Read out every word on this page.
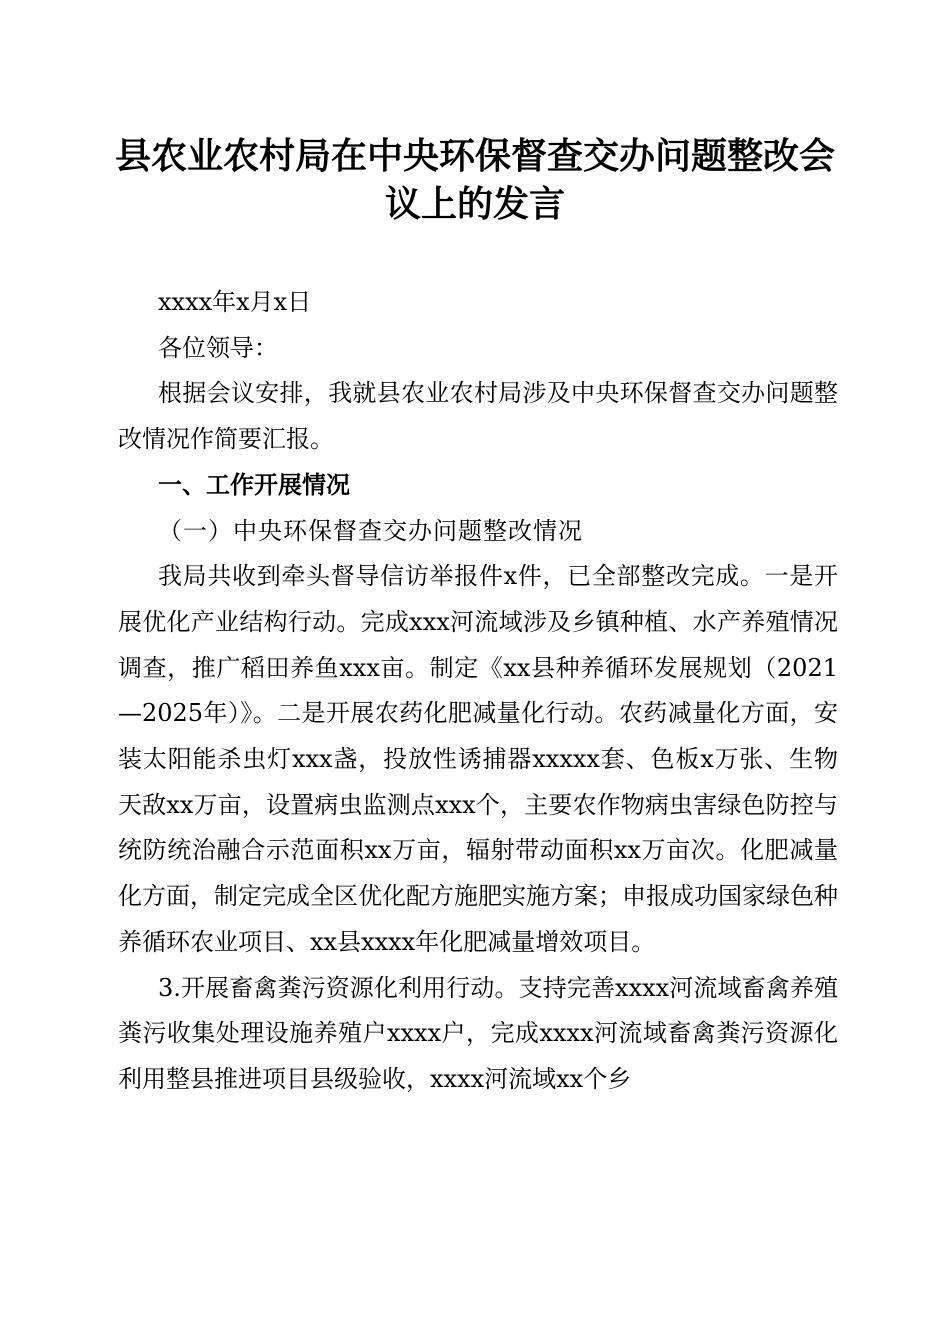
县农业农村局在中央环保督查交办问题整改会议上的发言

xxxx年x月x日

各位领导：

根据会议安排，我就县农业农村局涉及中央环保督查交办问题整改情况作简要汇报。

一、工作开展情况

（一）中央环保督查交办问题整改情况

我局共收到牵头督导信访举报件x件，已全部整改完成。一是开展优化产业结构行动。完成xxx河流域涉及乡镇种植、水产养殖情况调查，推广稻田养鱼xxx亩。制定《xx县种养循环发展规划（2021—2025年）》。二是开展农药化肥减量化行动。农药减量化方面，安装太阳能杀虫灯xxx盏，投放性诱捕器xxxxx套、色板x万张、生物天敌xx万亩，设置病虫监测点xxx个，主要农作物病虫害绿色防控与统防统治融合示范面积xx万亩，辐射带动面积xx万亩次。化肥减量化方面，制定完成全区优化配方施肥实施方案；申报成功国家绿色种养循环农业项目、xx县xxxx年化肥减量增效项目。

3.开展畜禽粪污资源化利用行动。支持完善xxxx河流域畜禽养殖粪污收集处理设施养殖户xxxx户，完成xxxx河流域畜禽粪污资源化利用整县推进项目县级验收，xxxx河流域xx个乡
